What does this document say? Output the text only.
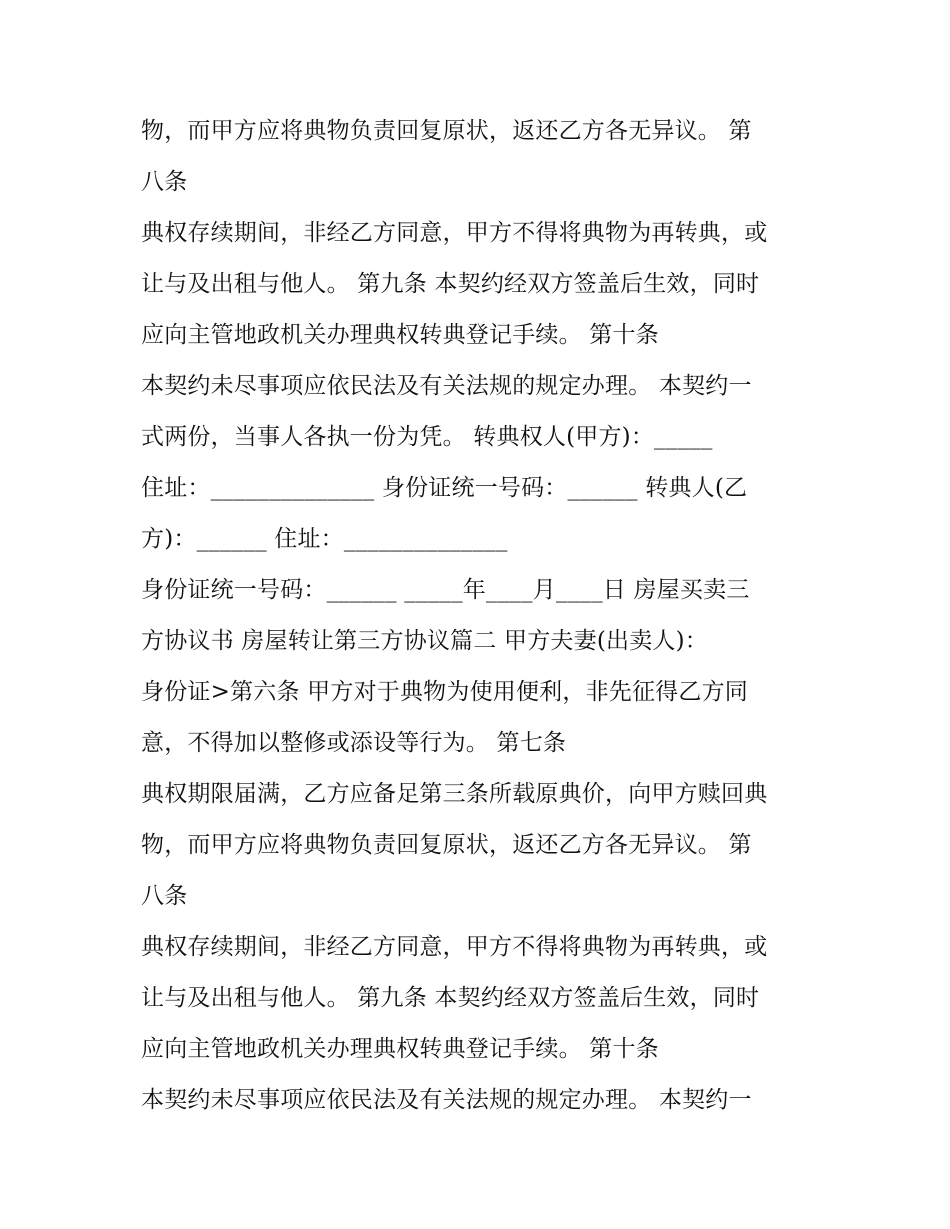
物，而甲方应将典物负责回复原状，返还乙方各无异议。 第
八条
典权存续期间，非经乙方同意，甲方不得将典物为再转典，或
让与及出租与他人。 第九条 本契约经双方签盖后生效，同时
应向主管地政机关办理典权转典登记手续。 第十条
本契约未尽事项应依民法及有关法规的规定办理。 本契约一
式两份，当事人各执一份为凭。 转典权人(甲方)：_____
住址：______________ 身份证统一号码：______ 转典人(乙
方)：______ 住址：______________
身份证统一号码：______ _____年____月____日 房屋买卖三
方协议书 房屋转让第三方协议篇二 甲方夫妻(出卖人)：
身份证>第六条 甲方对于典物为使用便利，非先征得乙方同
意，不得加以整修或添设等行为。 第七条
典权期限届满，乙方应备足第三条所载原典价，向甲方赎回典
物，而甲方应将典物负责回复原状，返还乙方各无异议。 第
八条
典权存续期间，非经乙方同意，甲方不得将典物为再转典，或
让与及出租与他人。 第九条 本契约经双方签盖后生效，同时
应向主管地政机关办理典权转典登记手续。 第十条
本契约未尽事项应依民法及有关法规的规定办理。 本契约一
